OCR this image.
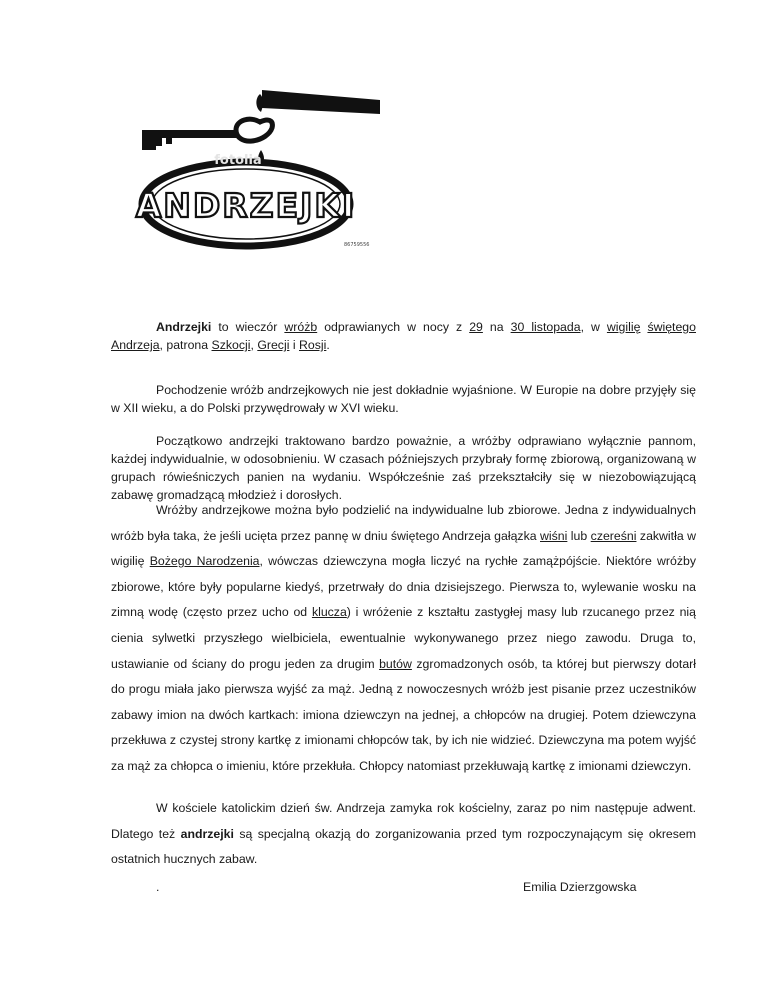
ANDRZEJKI
fotolia
86759556
Andrzejki to wieczór wróżb odprawianych w nocy z 29 na 30 listopada, w wigilię świętego Andrzeja, patrona Szkocji, Grecji i Rosji.

Pochodzenie wróżb andrzejkowych nie jest dokładnie wyjaśnione. W Europie na dobre przyjęły się w XII wieku, a do Polski przywędrowały w XVI wieku.

Początkowo andrzejki traktowano bardzo poważnie, a wróżby odprawiano wyłącznie pannom, każdej indywidualnie, w odosobnieniu. W czasach późniejszych przybrały formę zbiorową, organizowaną w grupach rówieśniczych panien na wydaniu. Współcześnie zaś przekształciły się w niezobowiązującą zabawę gromadzącą młodzież i dorosłych.

Wróżby andrzejkowe można było podzielić na indywidualne lub zbiorowe. Jedna z indywidualnych wróżb była taka, że jeśli ucięta przez pannę w dniu świętego Andrzeja gałązka wiśni lub czereśni zakwitła w wigilię Bożego Narodzenia, wówczas dziewczyna mogła liczyć na rychłe zamążpójście. Niektóre wróżby zbiorowe, które były popularne kiedyś, przetrwały do dnia dzisiejszego. Pierwsza to, wylewanie wosku na zimną wodę (często przez ucho od klucza) i wróżenie z kształtu zastygłej masy lub rzucanego przez nią cienia sylwetki przyszłego wielbiciela, ewentualnie wykonywanego przez niego zawodu. Druga to, ustawianie od ściany do progu jeden za drugim butów zgromadzonych osób, ta której but pierwszy dotarł do progu miała jako pierwsza wyjść za mąż. Jedną z nowoczesnych wróżb jest pisanie przez uczestników zabawy imion na dwóch kartkach: imiona dziewczyn na jednej, a chłopców na drugiej. Potem dziewczyna przekłuwa z czystej strony kartkę z imionami chłopców tak, by ich nie widzieć. Dziewczyna ma potem wyjść za mąż za chłopca o imieniu, które przekłuła. Chłopcy natomiast przekłuwają kartkę z imionami dziewczyn.
W kościele katolickim dzień św. Andrzeja zamyka rok kościelny, zaraz po nim następuje adwent. Dlatego też andrzejki są specjalną okazją do zorganizowania przed tym rozpoczynającym się okresem ostatnich hucznych zabaw.
.	Emilia Dzierzgowska
